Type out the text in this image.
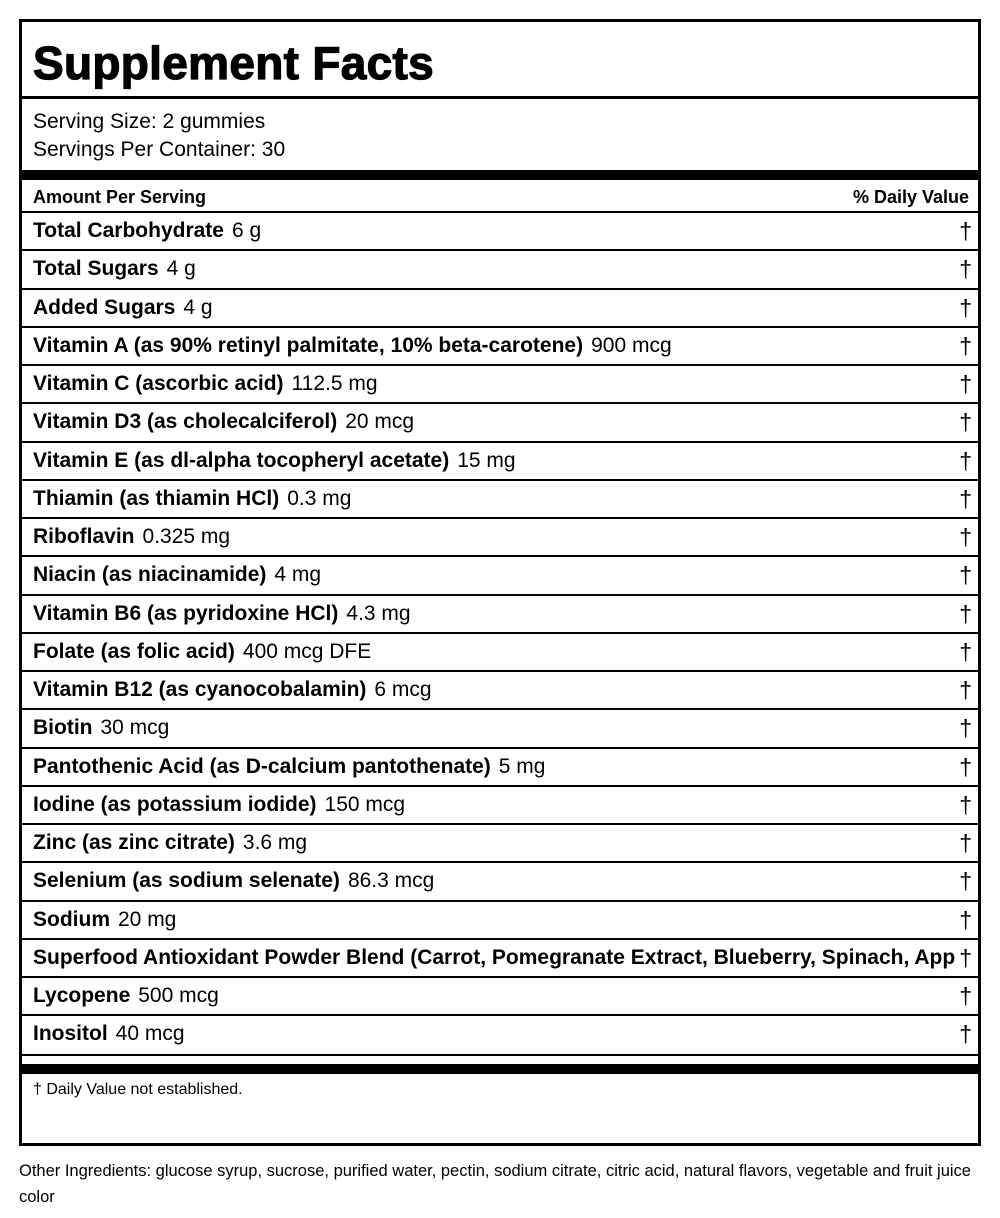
Supplement Facts
Serving Size: 2 gummies
Servings Per Container: 30
Amount Per Serving	% Daily Value
Total Carbohydrate 6 g	†
Total Sugars 4 g	†
Added Sugars 4 g	†
Vitamin A (as 90% retinyl palmitate, 10% beta-carotene) 900 mcg	†
Vitamin C (ascorbic acid) 112.5 mg	†
Vitamin D3 (as cholecalciferol) 20 mcg	†
Vitamin E (as dl-alpha tocopheryl acetate) 15 mg	†
Thiamin (as thiamin HCl) 0.3 mg	†
Riboflavin 0.325 mg	†
Niacin (as niacinamide) 4 mg	†
Vitamin B6 (as pyridoxine HCl) 4.3 mg	†
Folate (as folic acid) 400 mcg DFE	†
Vitamin B12 (as cyanocobalamin) 6 mcg	†
Biotin 30 mcg	†
Pantothenic Acid (as D-calcium pantothenate) 5 mg	†
Iodine (as potassium iodide) 150 mcg	†
Zinc (as zinc citrate) 3.6 mg	†
Selenium (as sodium selenate) 86.3 mcg	†
Sodium 20 mg	†
Superfood Antioxidant Powder Blend (Carrot, Pomegranate Extract, Blueberry, Spinach, App †
Lycopene 500 mcg	†
Inositol 40 mcg	†
† Daily Value not established.
Other Ingredients: glucose syrup, sucrose, purified water, pectin, sodium citrate, citric acid, natural flavors, vegetable and fruit juice color
